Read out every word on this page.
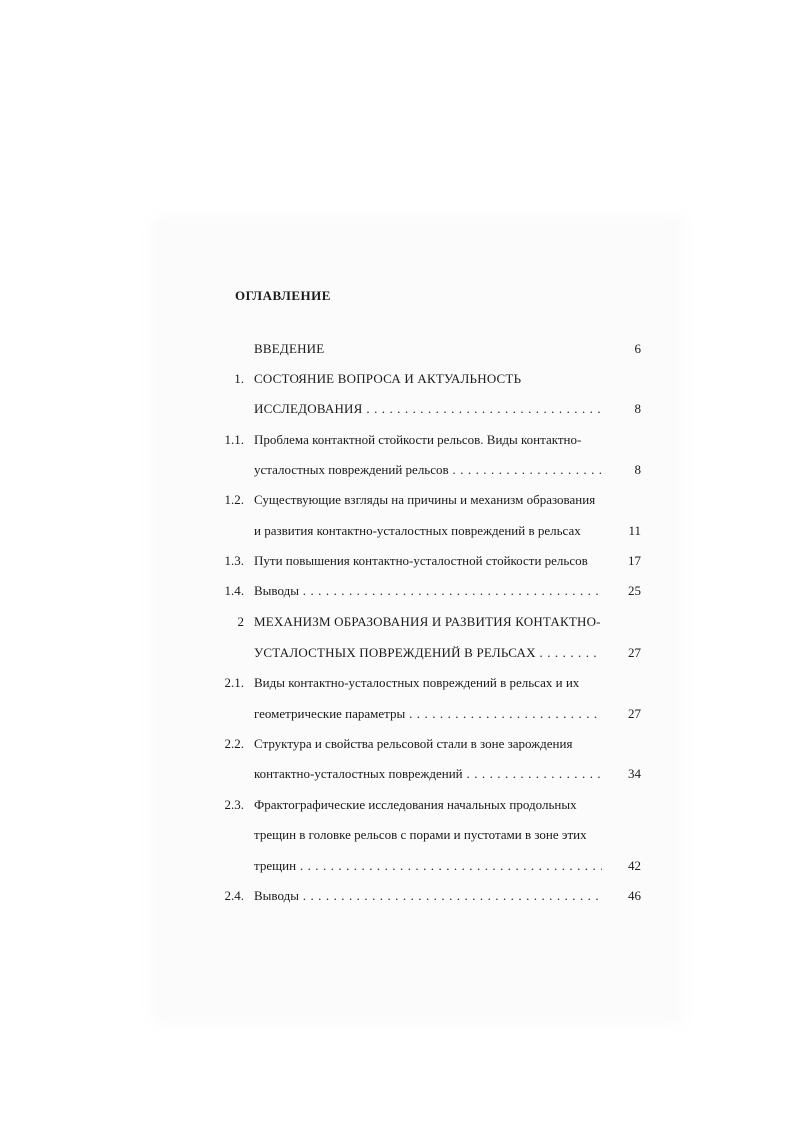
ОГЛАВЛЕНИЕ
ВВЕДЕНИЕ	6
1. СОСТОЯНИЕ ВОПРОСА И АКТУАЛЬНОСТЬ
ИССЛЕДОВАНИЯ . . .	8
1.1. Проблема контактной стойкости рельсов. Виды контактно-
усталостных повреждений рельсов . . .	8
1.2. Существующие взгляды на причины и механизм образования
и развития контактно-усталостных повреждений в рельсах	11
1.3. Пути повышения контактно-усталостной стойкости рельсов	17
1.4. Выводы . . .	25
2 МЕХАНИЗМ ОБРАЗОВАНИЯ И РАЗВИТИЯ КОНТАКТНО-
УСТАЛОСТНЫХ ПОВРЕЖДЕНИЙ В РЕЛЬСАХ . . .	27
2.1. Виды контактно-усталостных повреждений в рельсах и их
геометрические параметры . . .	27
2.2. Структура и свойства рельсовой стали в зоне зарождения
контактно-усталостных повреждений . . .	34
2.3. Фрактографические исследования начальных продольных
трещин в головке рельсов с порами и пустотами в зоне этих
трещин . . .	42
2.4. Выводы . . .	46
